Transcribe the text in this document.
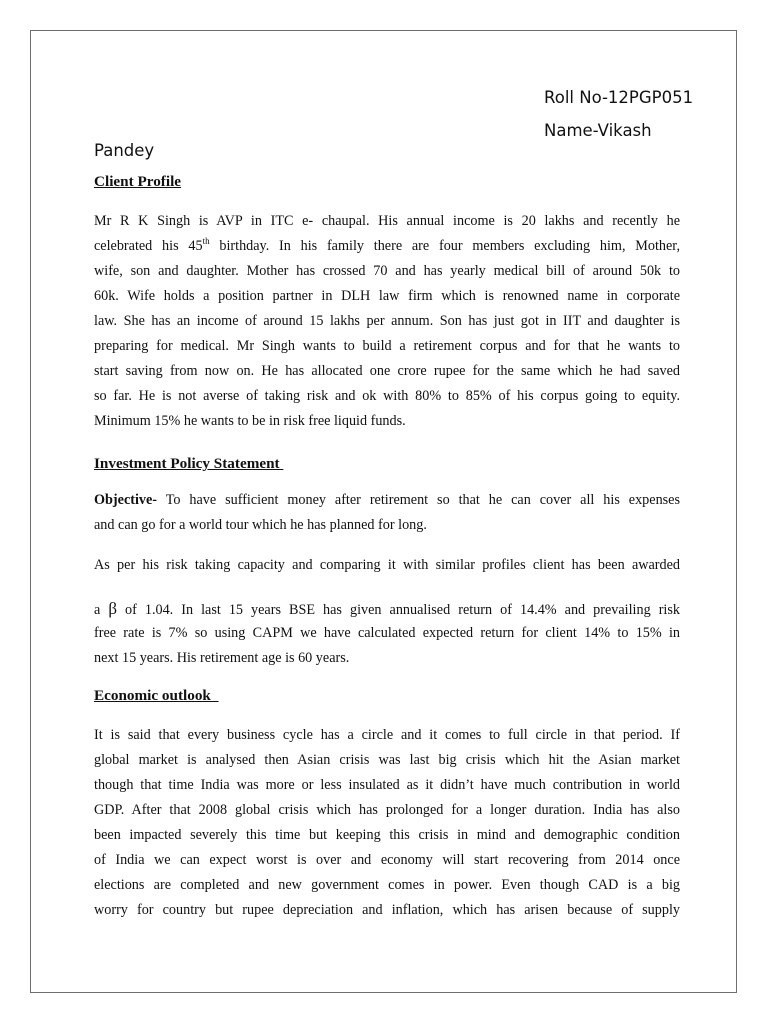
Roll No-12PGP051
Name-Vikash
Pandey
Client Profile
Mr R K Singh is AVP in ITC e- chaupal. His annual income is 20 lakhs and recently he
celebrated his 45th birthday. In his family there are four members excluding him, Mother,
wife, son and daughter. Mother has crossed 70 and has yearly medical bill of around 50k to
60k. Wife holds a position partner in DLH law firm which is renowned name in corporate
law. She has an income of around 15 lakhs per annum. Son has just got in IIT and daughter is
preparing for medical. Mr Singh wants to build a retirement corpus and for that he wants to
start saving from now on. He has allocated one crore rupee for the same which he had saved
so far. He is not averse of taking risk and ok with 80% to 85% of his corpus going to equity.
Minimum 15% he wants to be in risk free liquid funds.
Investment Policy Statement
Objective- To have sufficient money after retirement so that he can cover all his expenses
and can go for a world tour which he has planned for long.
As per his risk taking capacity and comparing it with similar profiles client has been awarded
a β of 1.04. In last 15 years BSE has given annualised return of 14.4% and prevailing risk
free rate is 7% so using CAPM we have calculated expected return for client 14% to 15% in
next 15 years. His retirement age is 60 years.
Economic outlook
It is said that every business cycle has a circle and it comes to full circle in that period. If
global market is analysed then Asian crisis was last big crisis which hit the Asian market
though that time India was more or less insulated as it didn’t have much contribution in world
GDP. After that 2008 global crisis which has prolonged for a longer duration. India has also
been impacted severely this time but keeping this crisis in mind and demographic condition
of India we can expect worst is over and economy will start recovering from 2014 once
elections are completed and new government comes in power. Even though CAD is a big
worry for country but rupee depreciation and inflation, which has arisen because of supply
